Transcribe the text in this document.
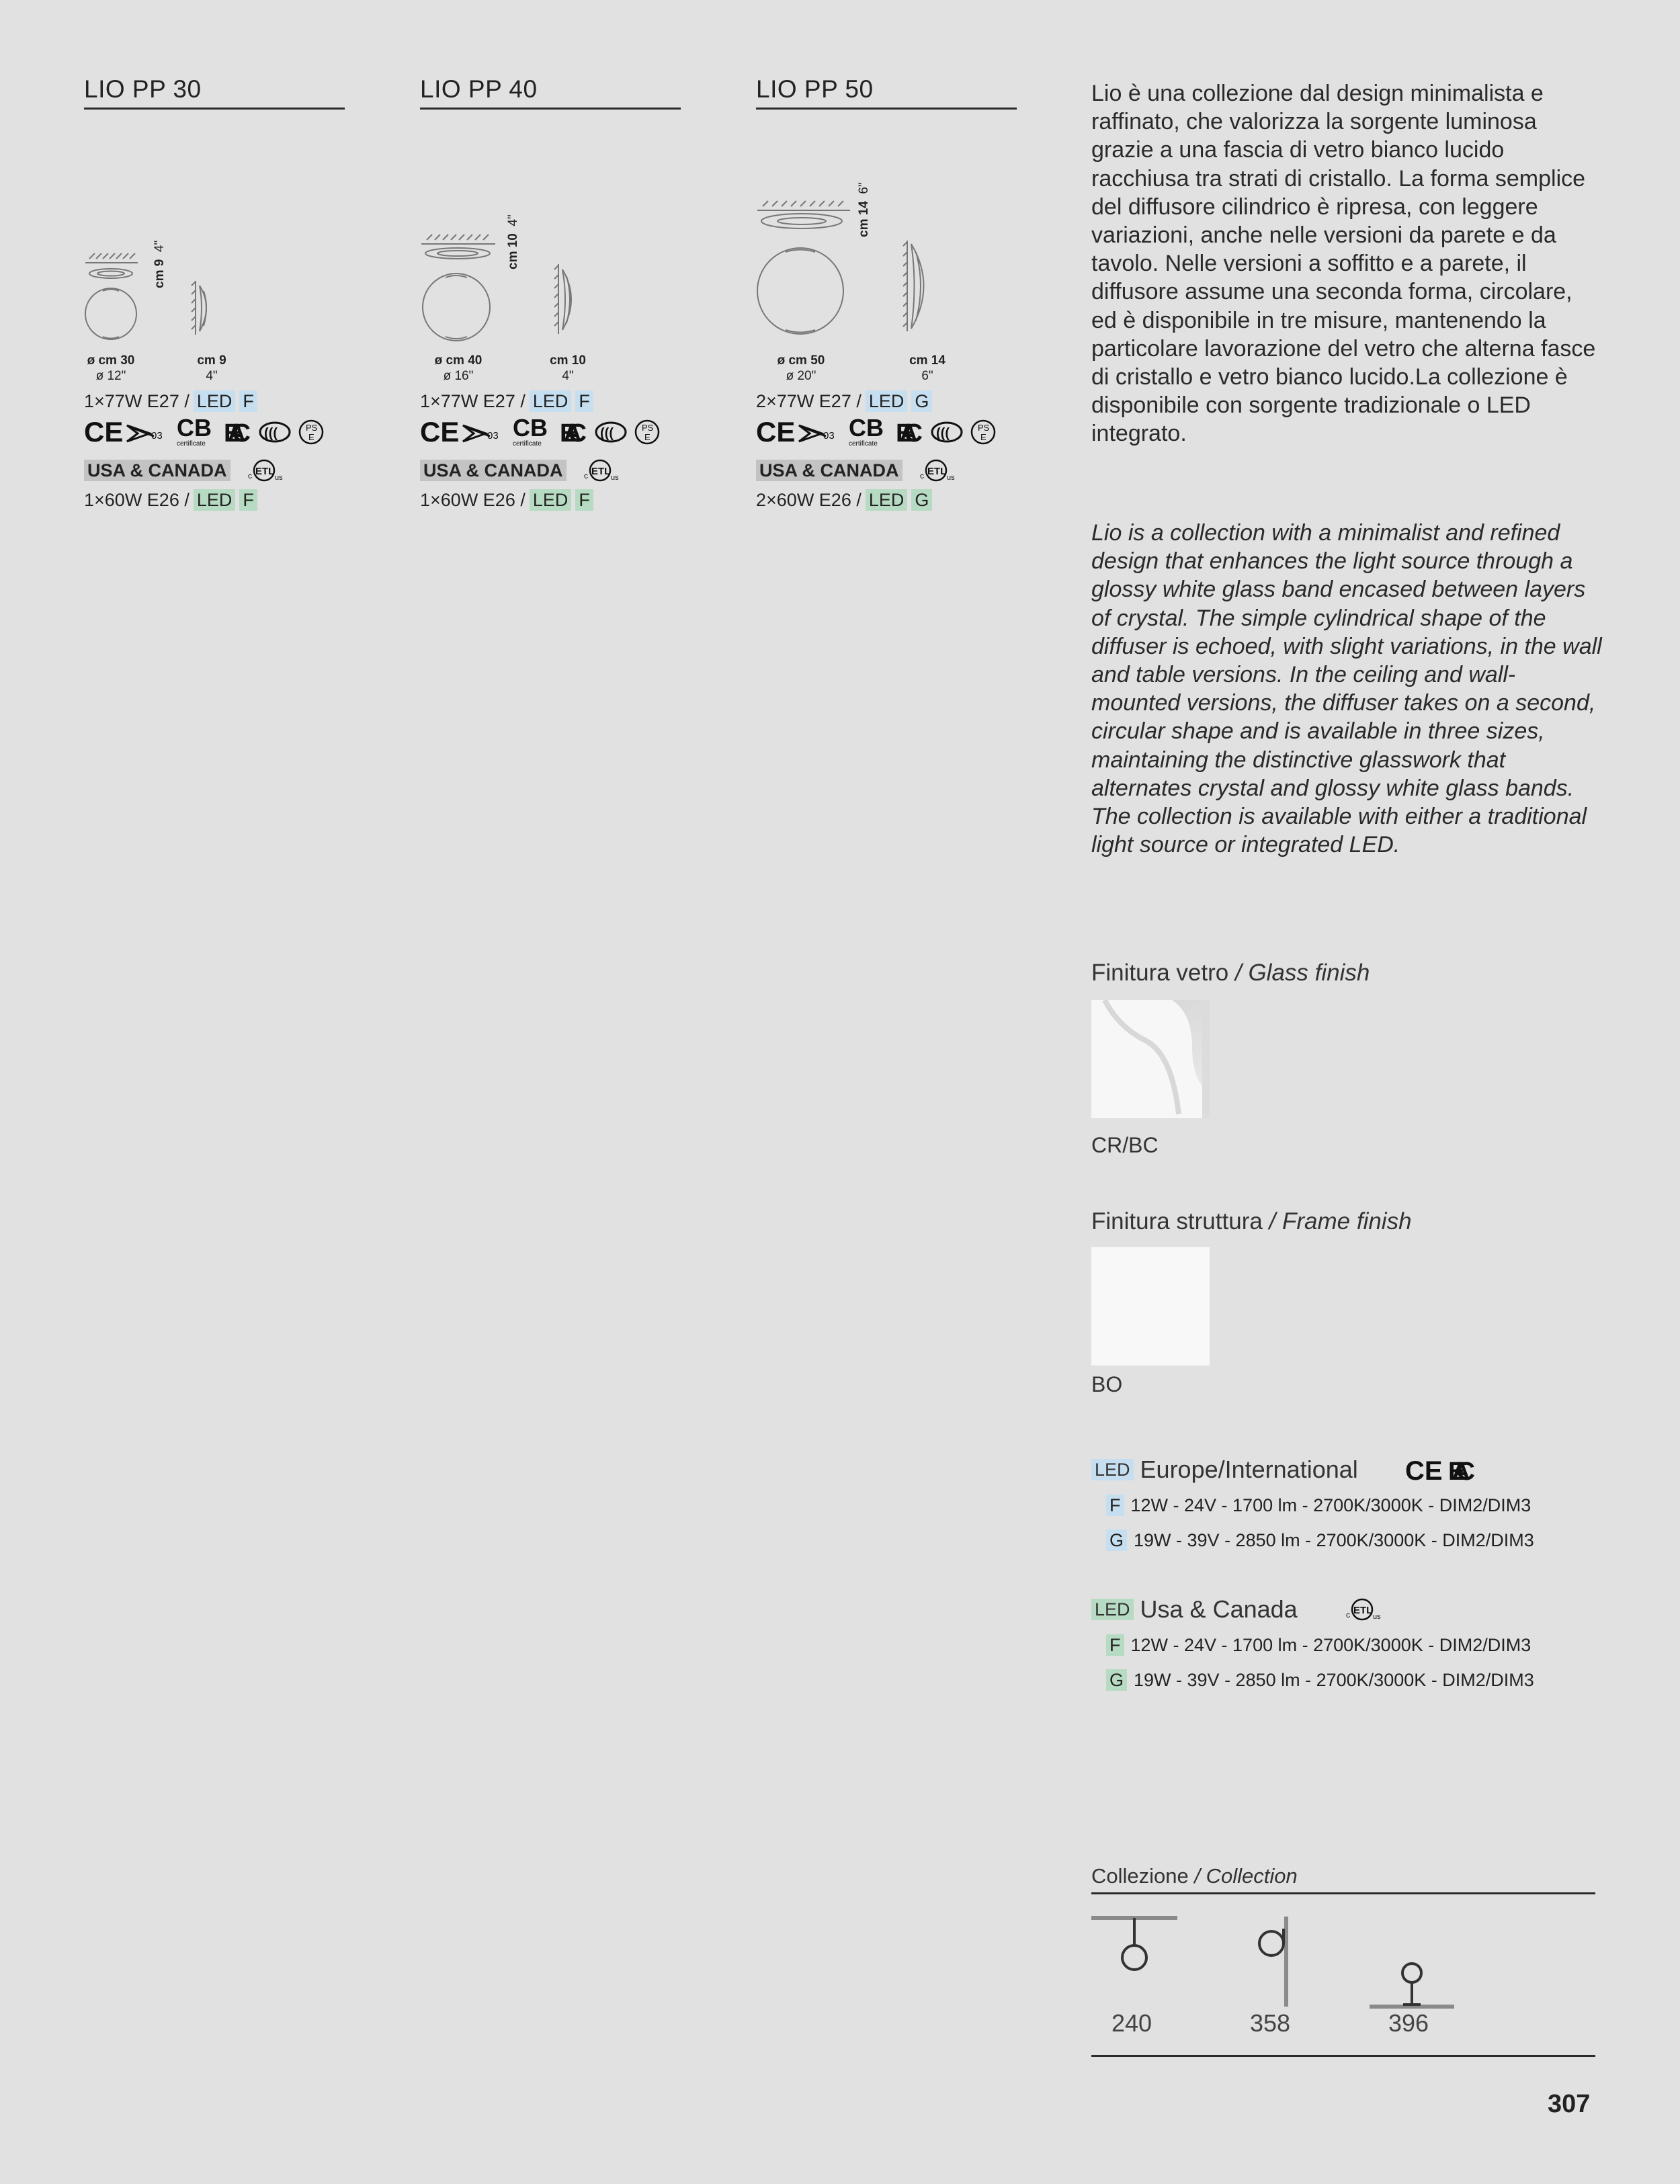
LIO PP 30
cm 9  4"
ø cm 30
ø 12"
cm 9
4"
1×77W E27 / LED F
CE	03 CB
certificate EAC (((	PS
E
USA & CANADA	c ETL
us
1×60W E26 / LED F
LIO PP 40
cm 10  4"
ø cm 40
ø 16"
cm 10
4"
1×77W E27 / LED F
CE	03 CB
certificate EAC (((	PS
E
USA & CANADA	c ETL
us
1×60W E26 / LED F
LIO PP 50
cm 14  6"
ø cm 50
ø 20"
cm 14
6"
2×77W E27 / LED G
CE	03 CB
certificate EAC (((	PS
E
USA & CANADA	c ETL
us
2×60W E26 / LED G
Lio è una collezione dal design minimalista e raffinato, che valorizza la sorgente luminosa grazie a una fascia di vetro bianco lucido racchiusa tra strati di cristallo. La forma semplice del diffusore cilindrico è ripresa, con leggere variazioni, anche nelle versioni da parete e da tavolo. Nelle versioni a soffitto e a parete, il diffusore assume una seconda forma, circolare, ed è disponibile in tre misure, mantenendo la particolare lavorazione del vetro che alterna fasce di cristallo e vetro bianco lucido.La collezione è disponibile con sorgente tradizionale o LED integrato.
Lio is a collection with a minimalist and refined design that enhances the light source through a glossy white glass band encased between layers of crystal. The simple cylindrical shape of the diffuser is echoed, with slight variations, in the wall and table versions. In the ceiling and wall-mounted versions, the diffuser takes on a second, circular shape and is available in three sizes, maintaining the distinctive glasswork that alternates crystal and glossy white glass bands. The collection is available with either a traditional light source or integrated LED.
Finitura vetro / Glass finish
CR/BC
Finitura struttura / Frame finish
BO
LED Europe/International CE EAC
F 12W - 24V - 1700 lm - 2700K/3000K - DIM2/DIM3
G 19W - 39V - 2850 lm - 2700K/3000K - DIM2/DIM3
LED Usa & Canada	c ETL
us
F 12W - 24V - 1700 lm - 2700K/3000K - DIM2/DIM3
G 19W - 39V - 2850 lm - 2700K/3000K - DIM2/DIM3
Collezione / Collection
240	358	396
307
